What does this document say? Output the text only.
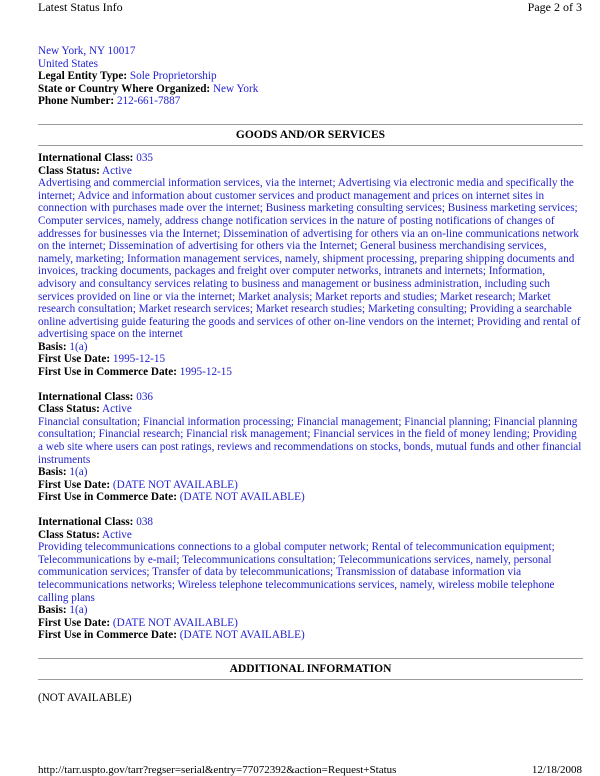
Latest Status Info	Page 2 of 3
New York, NY 10017
United States
Legal Entity Type: Sole Proprietorship
State or Country Where Organized: New York
Phone Number: 212-661-7887
GOODS AND/OR SERVICES
International Class: 035
Class Status: Active
Advertising and commercial information services, via the internet; Advertising via electronic media and specifically the internet; Advice and information about customer services and product management and prices on internet sites in connection with purchases made over the internet; Business marketing consulting services; Business marketing services; Computer services, namely, address change notification services in the nature of posting notifications of changes of addresses for businesses via the Internet; Dissemination of advertising for others via an on-line communications network on the internet; Dissemination of advertising for others via the Internet; General business merchandising services, namely, marketing; Information management services, namely, shipment processing, preparing shipping documents and invoices, tracking documents, packages and freight over computer networks, intranets and internets; Information, advisory and consultancy services relating to business and management or business administration, including such services provided on line or via the internet; Market analysis; Market reports and studies; Market research; Market research consultation; Market research services; Market research studies; Marketing consulting; Providing a searchable online advertising guide featuring the goods and services of other on-line vendors on the internet; Providing and rental of advertising space on the internet
Basis: 1(a)
First Use Date: 1995-12-15
First Use in Commerce Date: 1995-12-15
International Class: 036
Class Status: Active
Financial consultation; Financial information processing; Financial management; Financial planning; Financial planning consultation; Financial research; Financial risk management; Financial services in the field of money lending; Providing a web site where users can post ratings, reviews and recommendations on stocks, bonds, mutual funds and other financial instruments
Basis: 1(a)
First Use Date: (DATE NOT AVAILABLE)
First Use in Commerce Date: (DATE NOT AVAILABLE)
International Class: 038
Class Status: Active
Providing telecommunications connections to a global computer network; Rental of telecommunication equipment; Telecommunications by e-mail; Telecommunications consultation; Telecommunications services, namely, personal communication services; Transfer of data by telecommunications; Transmission of database information via telecommunications networks; Wireless telephone telecommunications services, namely, wireless mobile telephone calling plans
Basis: 1(a)
First Use Date: (DATE NOT AVAILABLE)
First Use in Commerce Date: (DATE NOT AVAILABLE)
ADDITIONAL INFORMATION
(NOT AVAILABLE)
http://tarr.uspto.gov/tarr?regser=serial&entry=77072392&action=Request+Status	12/18/2008
